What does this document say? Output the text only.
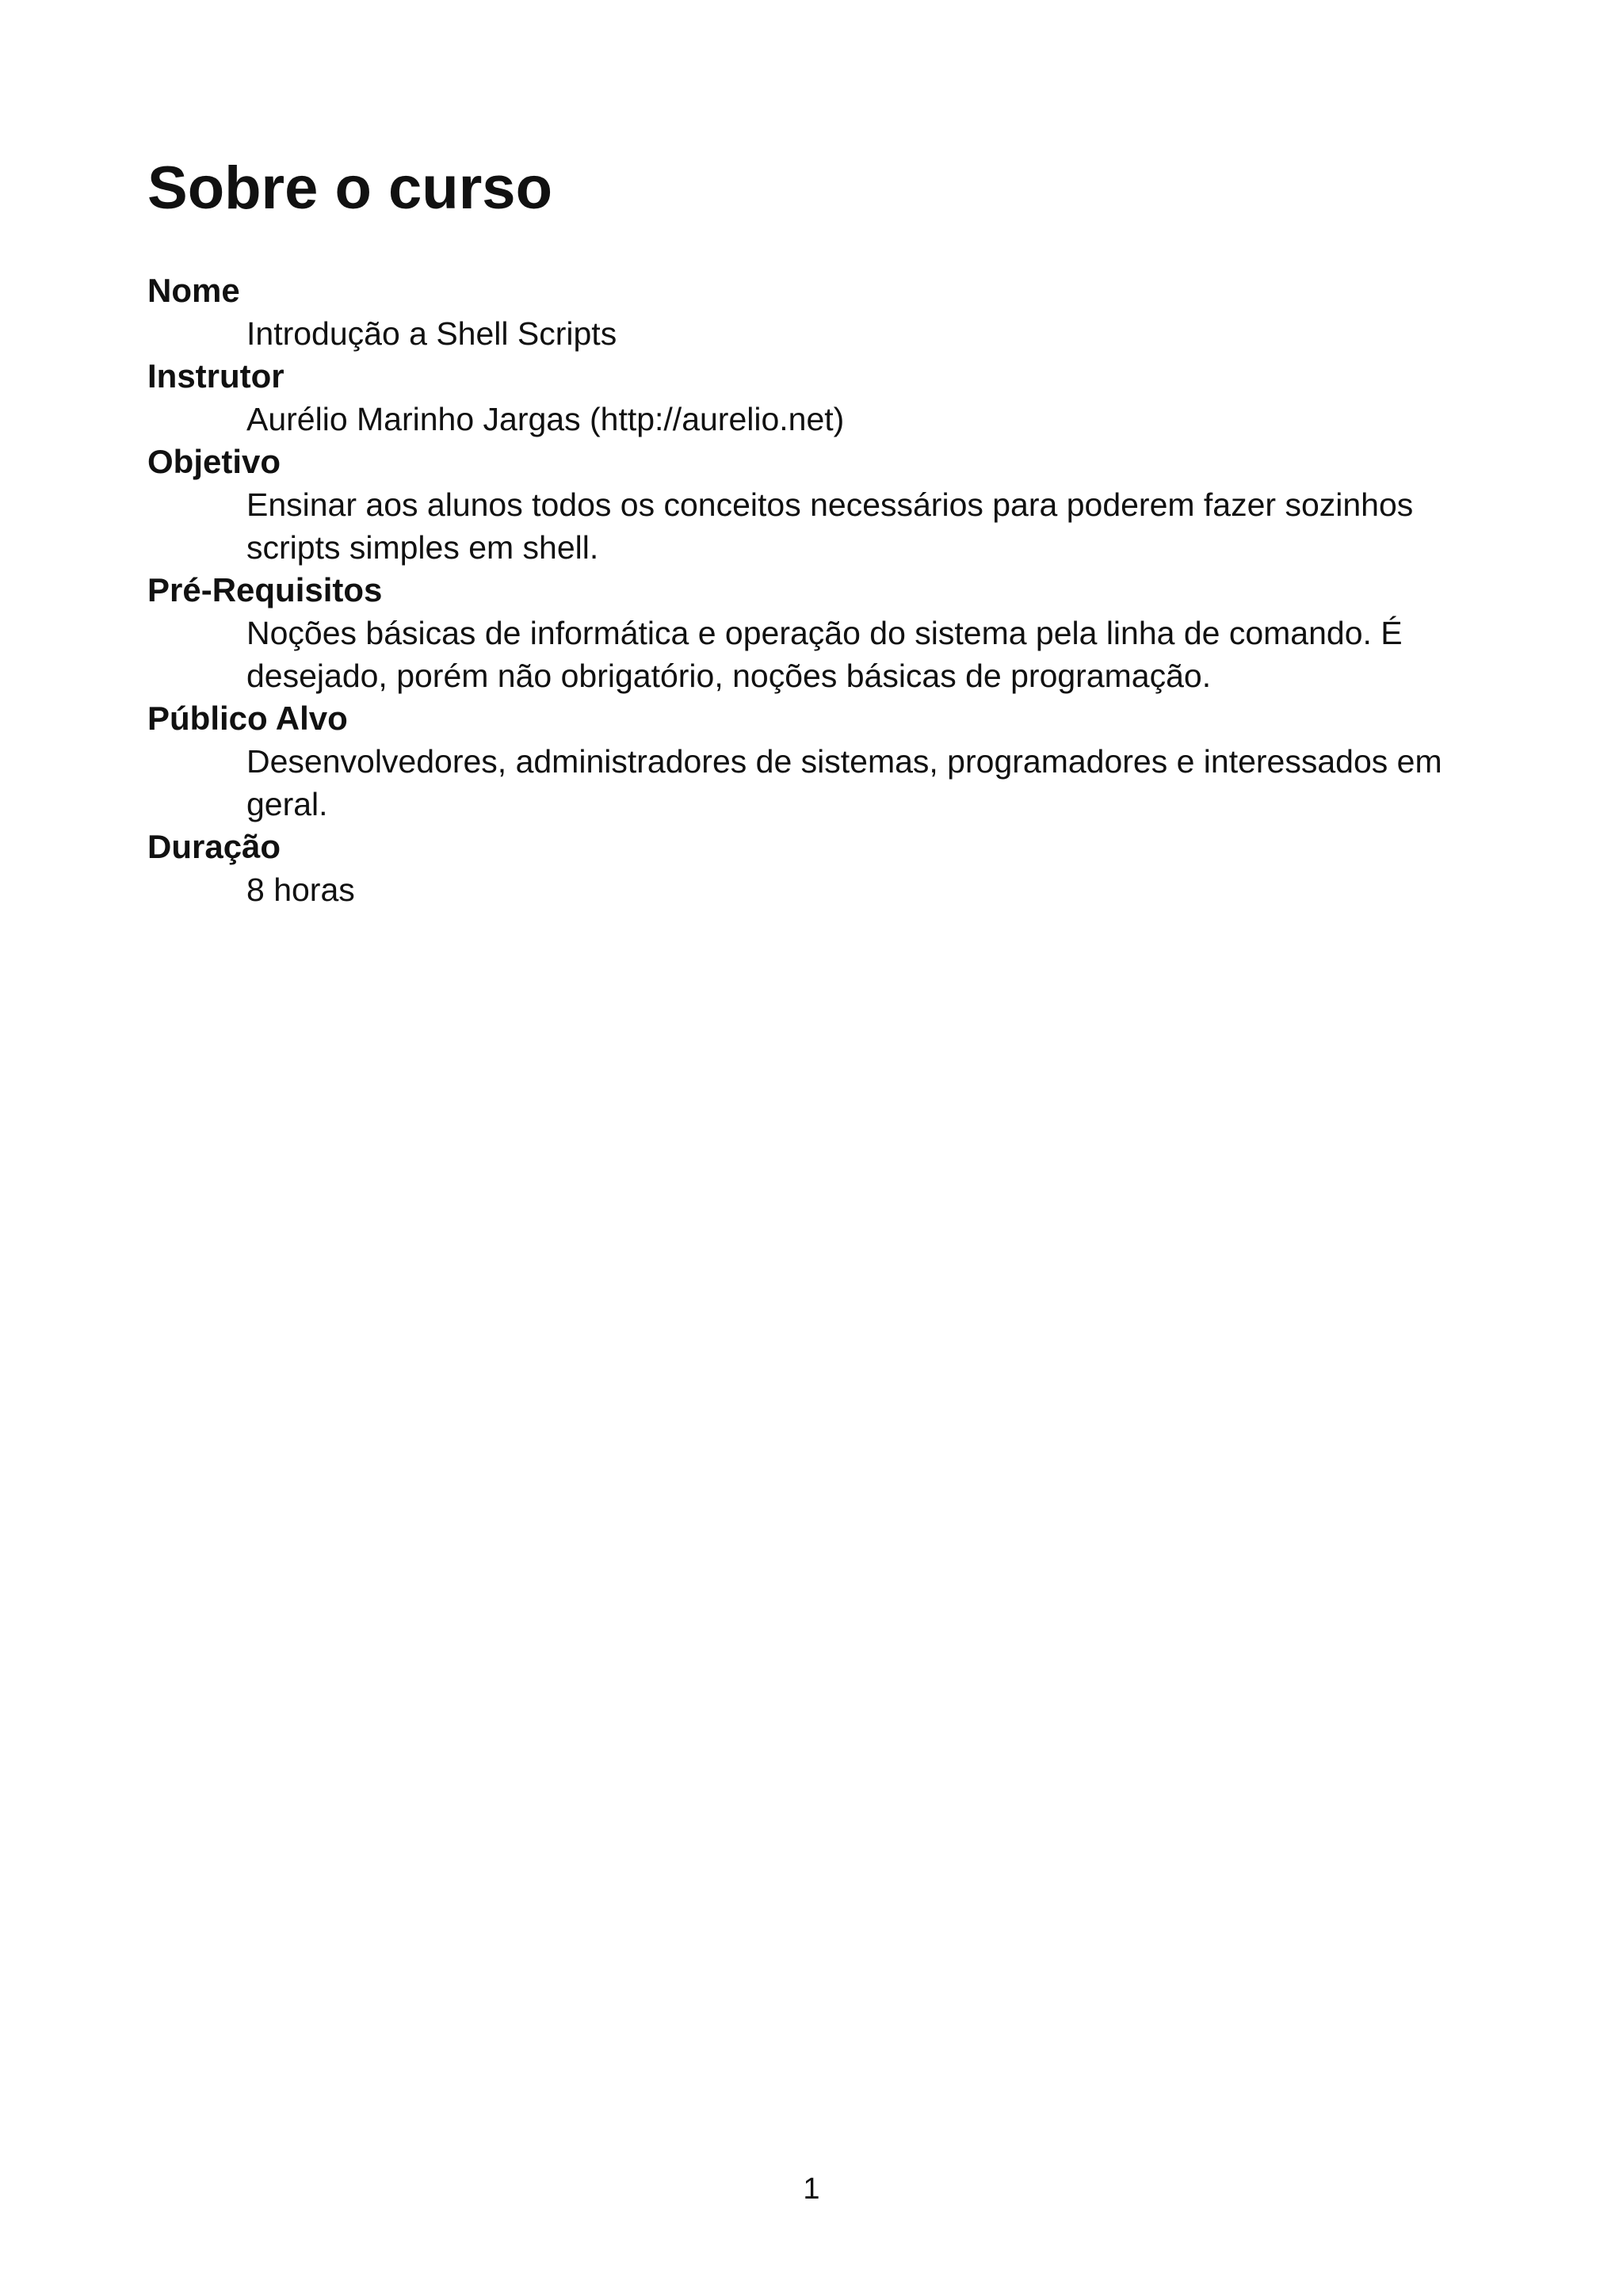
Sobre o curso
Nome
Introdução a Shell Scripts
Instrutor
Aurélio Marinho Jargas (http://aurelio.net)
Objetivo
Ensinar aos alunos todos os conceitos necessários para poderem fazer sozinhos scripts simples em shell.
Pré-Requisitos
Noções básicas de informática e operação do sistema pela linha de comando. É desejado, porém não obrigatório, noções básicas de programação.
Público Alvo
Desenvolvedores, administradores de sistemas, programadores e interessados em geral.
Duração
8 horas

1
